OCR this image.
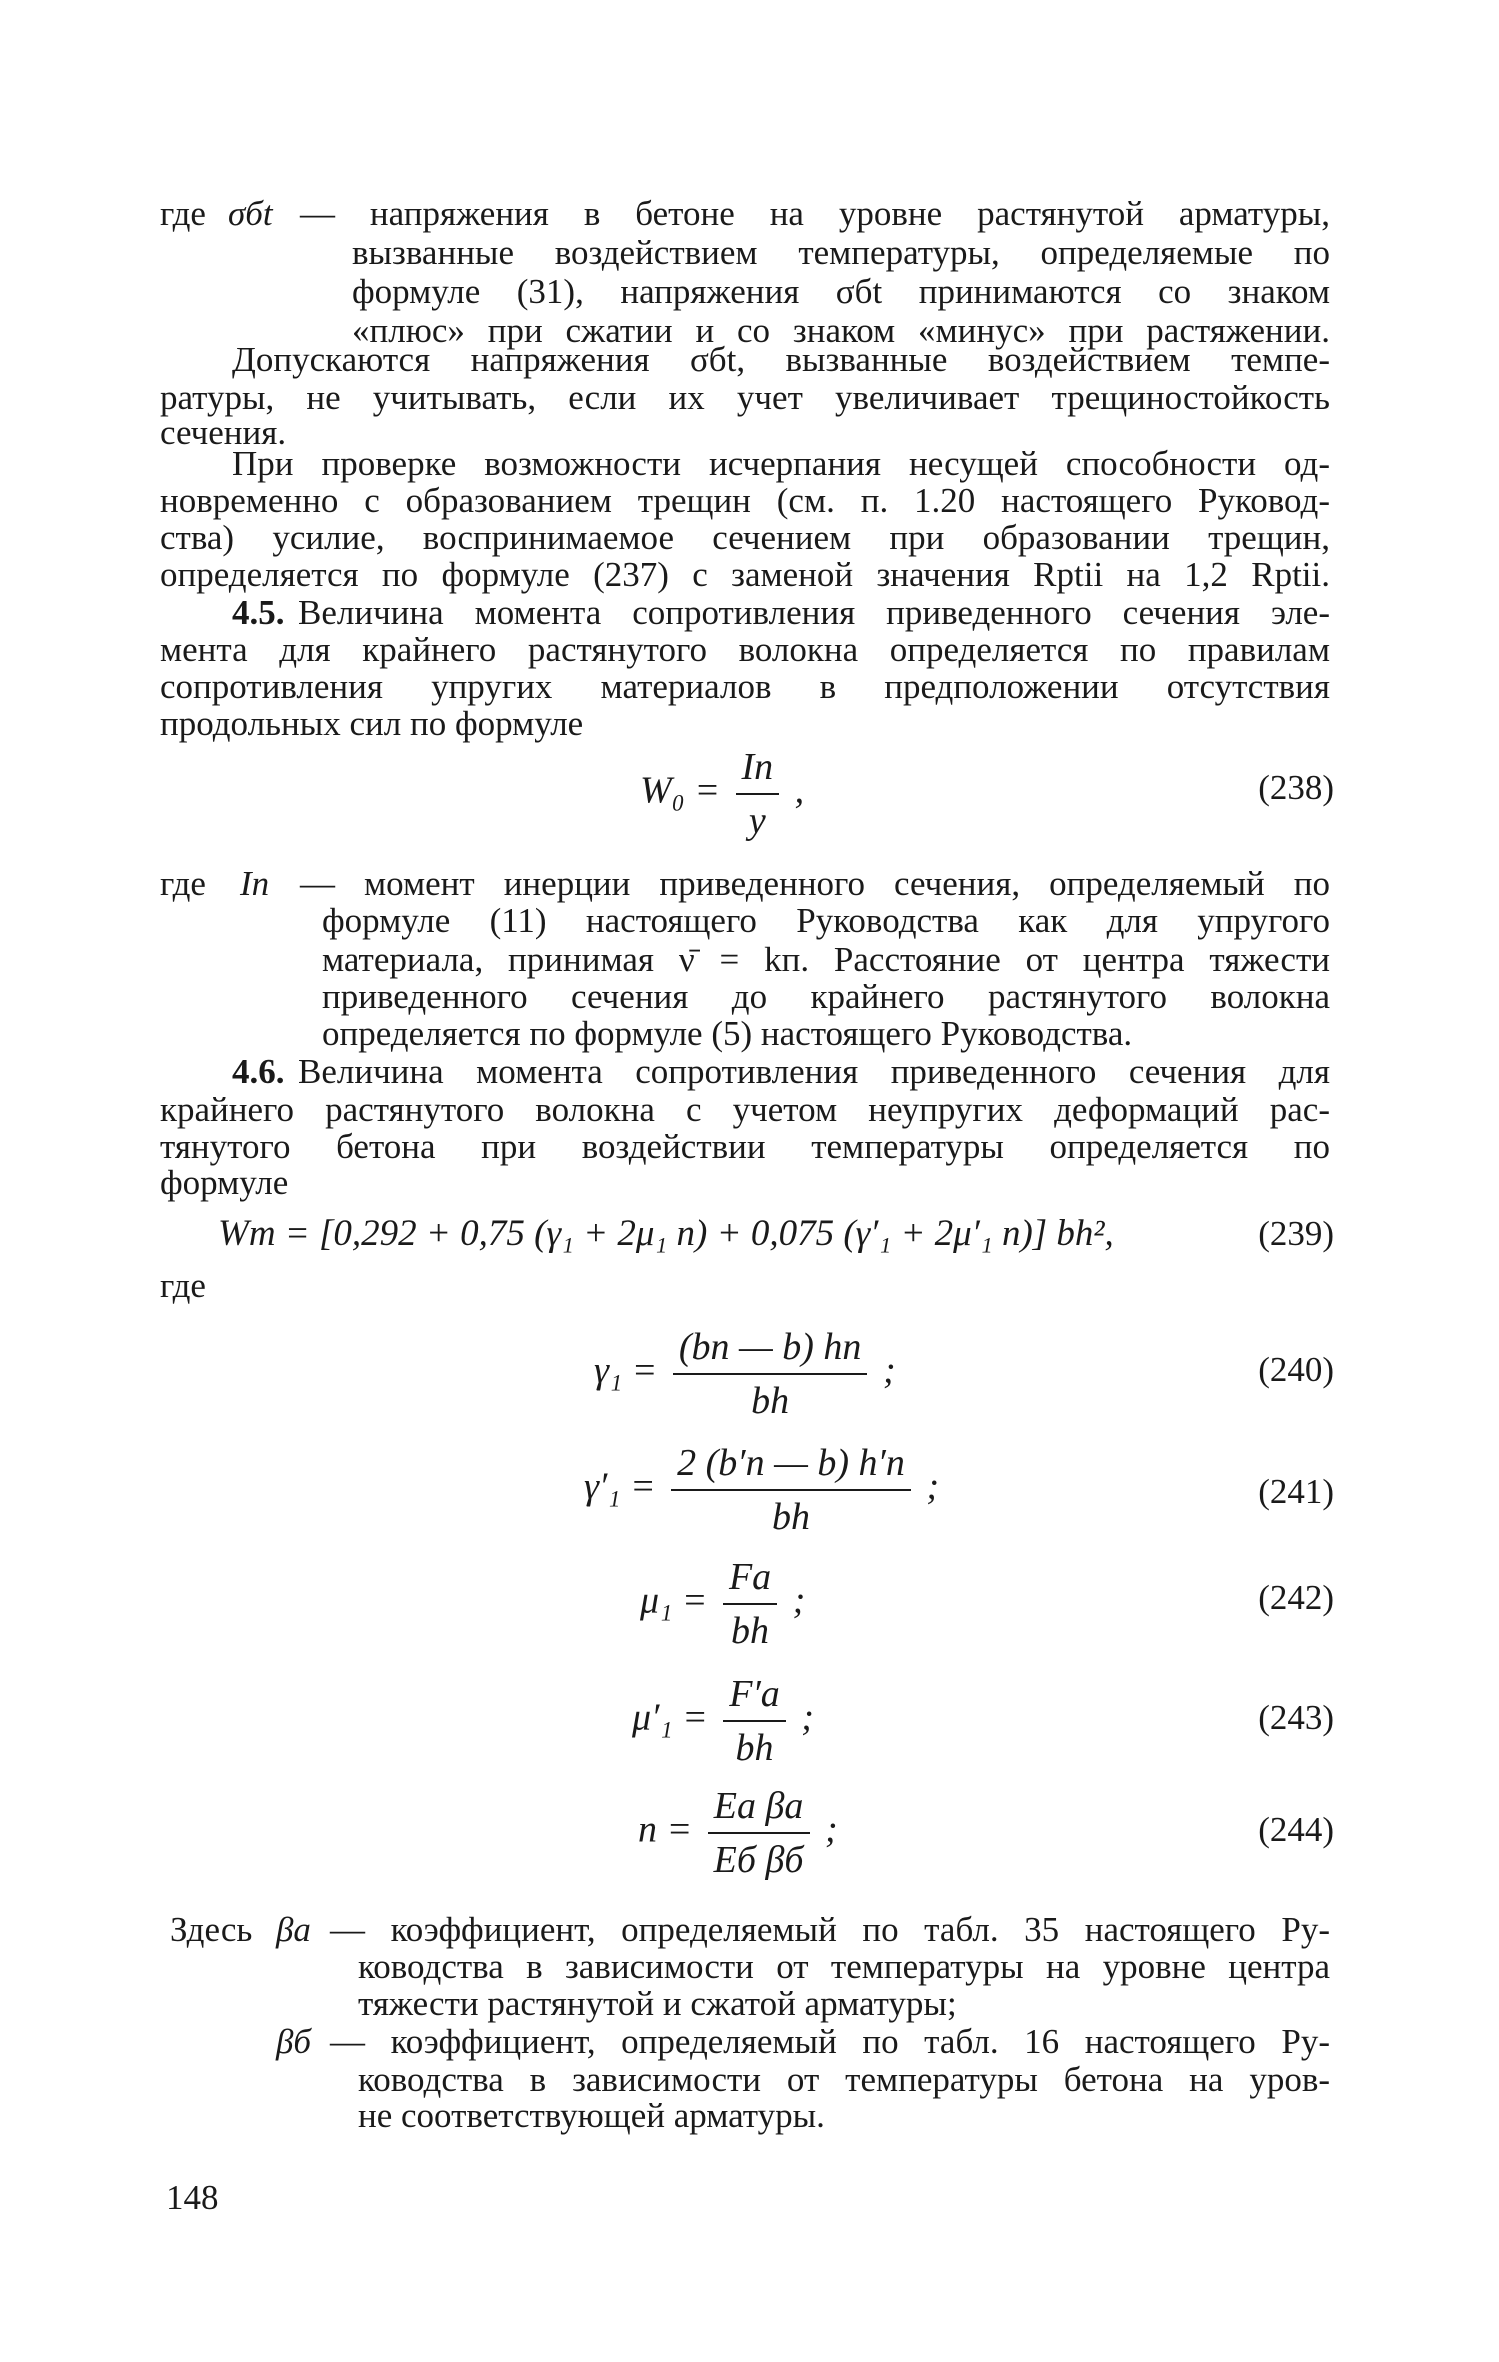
где σбt — напряжения в бетоне на уровне растянутой арматуры,
вызванные воздействием температуры, определяемые по
формуле (31), напряжения σбt принимаются со знаком
«плюс» при сжатии и со знаком «минус» при растяжении.
Допускаются напряжения σбt, вызванные воздействием темпе-
ратуры, не учитывать, если их учет увеличивает трещиностойкость
сечения.
При проверке возможности исчерпания несущей способности од-
новременно с образованием трещин (см. п. 1.20 настоящего Руковод-
ства) усилие, воспринимаемое сечением при образовании трещин,
определяется по формуле (237) с заменой значения Rptii на 1,2 Rptii.
4.5. Величина момента сопротивления приведенного сечения эле-
мента для крайнего растянутого волокна определяется по правилам
сопротивления упругих материалов в предположении отсутствия
продольных сил по формуле
$W_0 = \frac{Iп}{y}$ ,	(238)
где Iп — момент инерции приведенного сечения, определяемый по
формуле (11) настоящего Руководства как для упругого
материала, принимая ν̄ = kп. Расстояние от центра тяжести
приведенного сечения до крайнего растянутого волокна
определяется по формуле (5) настоящего Руководства.
4.6. Величина момента сопротивления приведенного сечения для
крайнего растянутого волокна с учетом неупругих деформаций рас-
тянутого бетона при воздействии температуры определяется по
формуле
Wт = [0,292 + 0,75 (γ₁ + 2μ₁ n) + 0,075 (γ′₁ + 2μ′₁ n)] bh²,	(239)
где
$\gamma_1 = \frac{(bп — b) hп}{bh}$ ;	(240)
$\gamma'_1 = \frac{2 (b'п — b) h'п}{bh}$ ;	(241)
$\mu_1 = \frac{Fа}{bh}$ ;	(242)
$\mu'_1 = \frac{F'а}{bh}$ ;	(243)
$n = \frac{\text{Eа βа}}{\text{Eб βб}}$ ;	(244)
Здесь βа — коэффициент, определяемый по табл. 35 настоящего Ру-
ководства в зависимости от температуры на уровне центра
тяжести растянутой и сжатой арматуры;
βб — коэффициент, определяемый по табл. 16 настоящего Ру-
ководства в зависимости от температуры бетона на уров-
не соответствующей арматуры.
148
